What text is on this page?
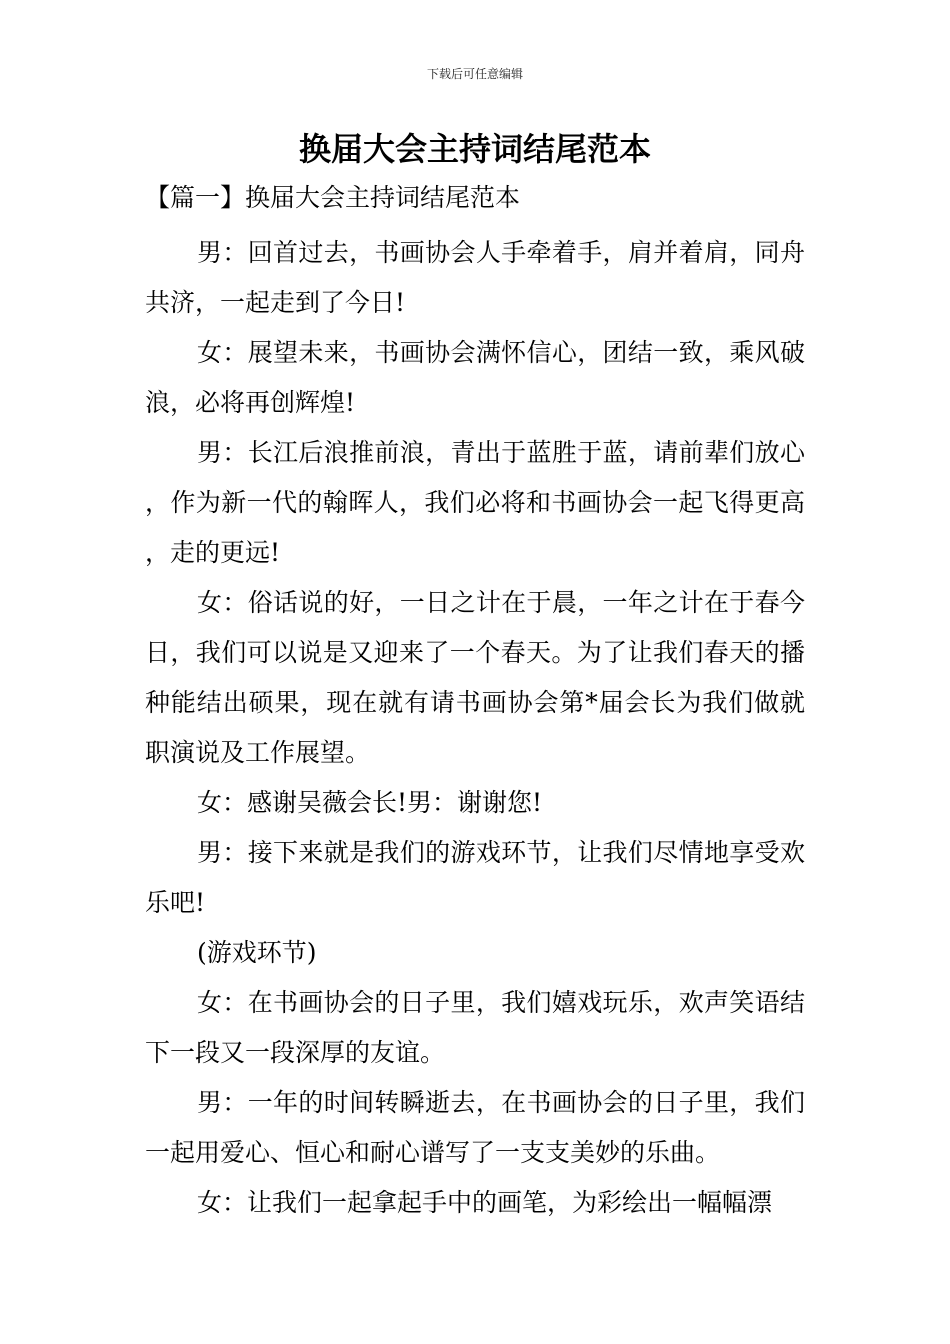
下载后可任意编辑
换届大会主持词结尾范本
【篇一】换届大会主持词结尾范本

男：回首过去，书画协会人手牵着手，肩并着肩，同舟共济，一起走到了今日!

女：展望未来，书画协会满怀信心，团结一致，乘风破浪，必将再创辉煌!

男：长江后浪推前浪，青出于蓝胜于蓝，请前辈们放心，作为新一代的翰晖人，我们必将和书画协会一起飞得更高，走的更远!

女：俗话说的好，一日之计在于晨，一年之计在于春今日，我们可以说是又迎来了一个春天。为了让我们春天的播种能结出硕果，现在就有请书画协会第*届会长为我们做就职演说及工作展望。

女：感谢吴薇会长!男：谢谢您!

男：接下来就是我们的游戏环节，让我们尽情地享受欢乐吧!

(游戏环节)

女：在书画协会的日子里，我们嬉戏玩乐，欢声笑语结下一段又一段深厚的友谊。

男：一年的时间转瞬逝去，在书画协会的日子里，我们一起用爱心、恒心和耐心谱写了一支支美妙的乐曲。

女：让我们一起拿起手中的画笔，为彩绘出一幅幅漂
